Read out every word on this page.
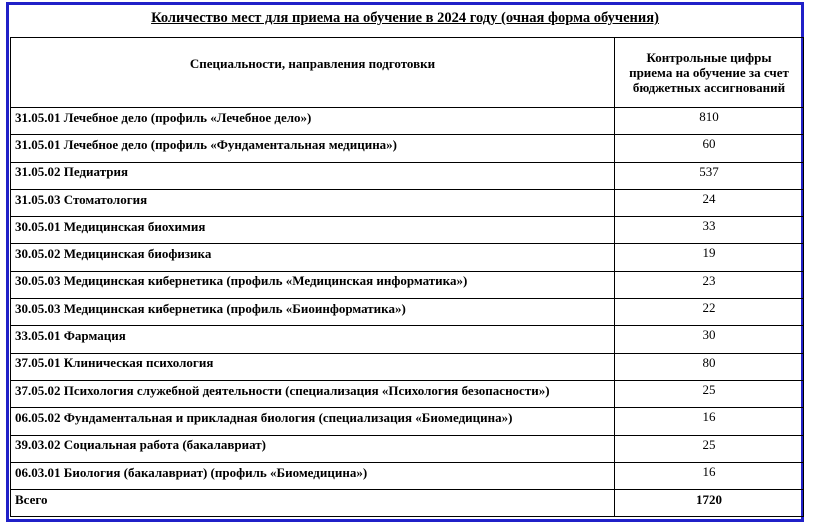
Количество мест для приема на обучение в 2024 году (очная форма обучения)
Специальности, направления подготовки	Контрольные цифры приема на обучение за счет бюджетных ассигнований
31.05.01 Лечебное дело (профиль «Лечебное дело»)	810
31.05.01 Лечебное дело (профиль «Фундаментальная медицина»)	60
31.05.02 Педиатрия	537
31.05.03 Стоматология	24
30.05.01 Медицинская биохимия	33
30.05.02 Медицинская биофизика	19
30.05.03 Медицинская кибернетика (профиль «Медицинская информатика»)	23
30.05.03 Медицинская кибернетика (профиль «Биоинформатика»)	22
33.05.01 Фармация	30
37.05.01 Клиническая психология	80
37.05.02 Психология служебной деятельности (специализация «Психология безопасности»)	25
06.05.02 Фундаментальная и прикладная биология (специализация «Биомедицина»)	16
39.03.02 Социальная работа (бакалавриат)	25
06.03.01 Биология (бакалавриат) (профиль «Биомедицина»)	16
Всего	1720
